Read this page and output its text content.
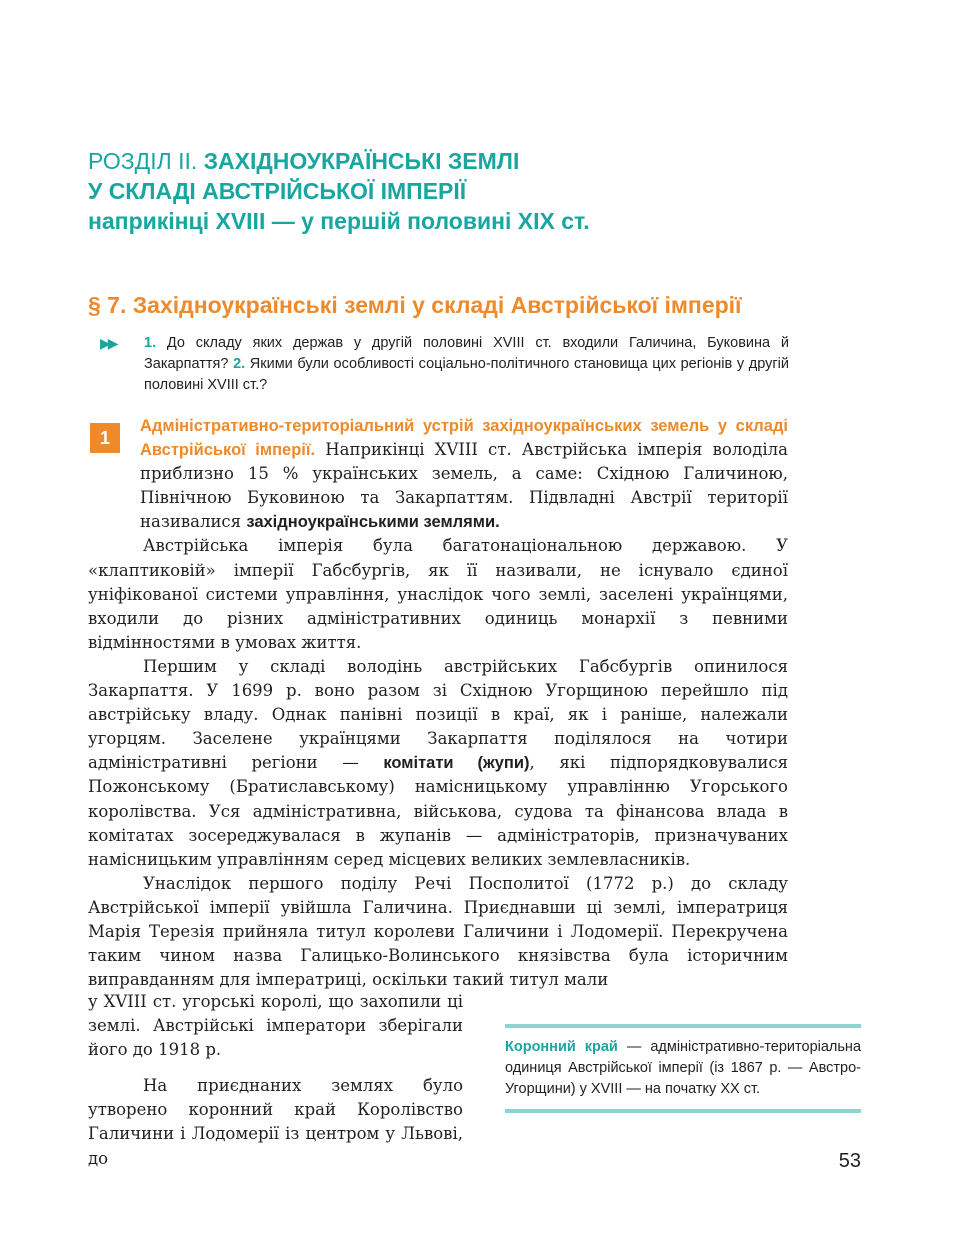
РОЗДІЛ ІІ. ЗАХІДНОУКРАЇНСЬКІ ЗЕМЛІ
У СКЛАДІ АВСТРІЙСЬКОЇ ІМПЕРІЇ
наприкінці XVIII — у першій половині XIX ст.
§ 7. Західноукраїнські землі у складі Австрійської імперії
▶▶ 1. До складу яких держав у другій половині XVIII ст. входили Галичина, Буковина й Закарпаття? 2. Якими були особливості соціально-політичного становища цих регіонів у другій половині XVIII ст.?
1

Адміністративно-територіальний устрій західноукраїнських земель у складі Австрійської імперії. Наприкінці XVIII ст. Австрійська імперія володіла приблизно 15 % українських земель, а саме: Східною Галичиною, Північною Буковиною та Закарпаттям. Підвладні Австрії території називалися західноукраїнськими землями.

Австрійська імперія була багатонаціональною державою. У «клаптиковій» імперії Габсбургів, як її називали, не існувало єдиної уніфікованої системи управління, унаслідок чого землі, заселені українцями, входили до різних адміністративних одиниць монархії з певними відмінностями в умовах життя.

Першим у складі володінь австрійських Габсбургів опинилося Закарпаття. У 1699 р. воно разом зі Східною Угорщиною перейшло під австрійську владу. Однак панівні позиції в краї, як і раніше, належали угорцям. Заселене українцями Закарпаття поділялося на чотири адміністративні регіони — комітати (жупи), які підпорядковувалися Пожонському (Братиславському) намісницькому управлінню Угорського королівства. Уся адміністративна, військова, судова та фінансова влада в комітатах зосереджувалася в жупанів — адміністраторів, призначуваних намісницьким управлінням серед місцевих великих землевласників.

Унаслідок першого поділу Речі Посполитої (1772 р.) до складу Австрійської імперії увійшла Галичина. Приєднавши ці землі, імператриця Марія Терезія прийняла титул королеви Галичини і Лодомерії. Перекручена таким чином назва Галицько-Волинського князівства була історичним виправданням для імператриці, оскільки такий титул мали

у XVIII ст. угорські королі, що захопили ці землі. Австрійські імператори зберігали його до 1918 р.

На приєднаних землях було утворено коронний край Королівство Галичини і Лодомерії із центром у Львові, до

Коронний край — адміністративно-територіальна одиниця Австрійської імперії (із 1867 р. — Австро-Угорщини) у XVIII — на початку XX ст.
53
